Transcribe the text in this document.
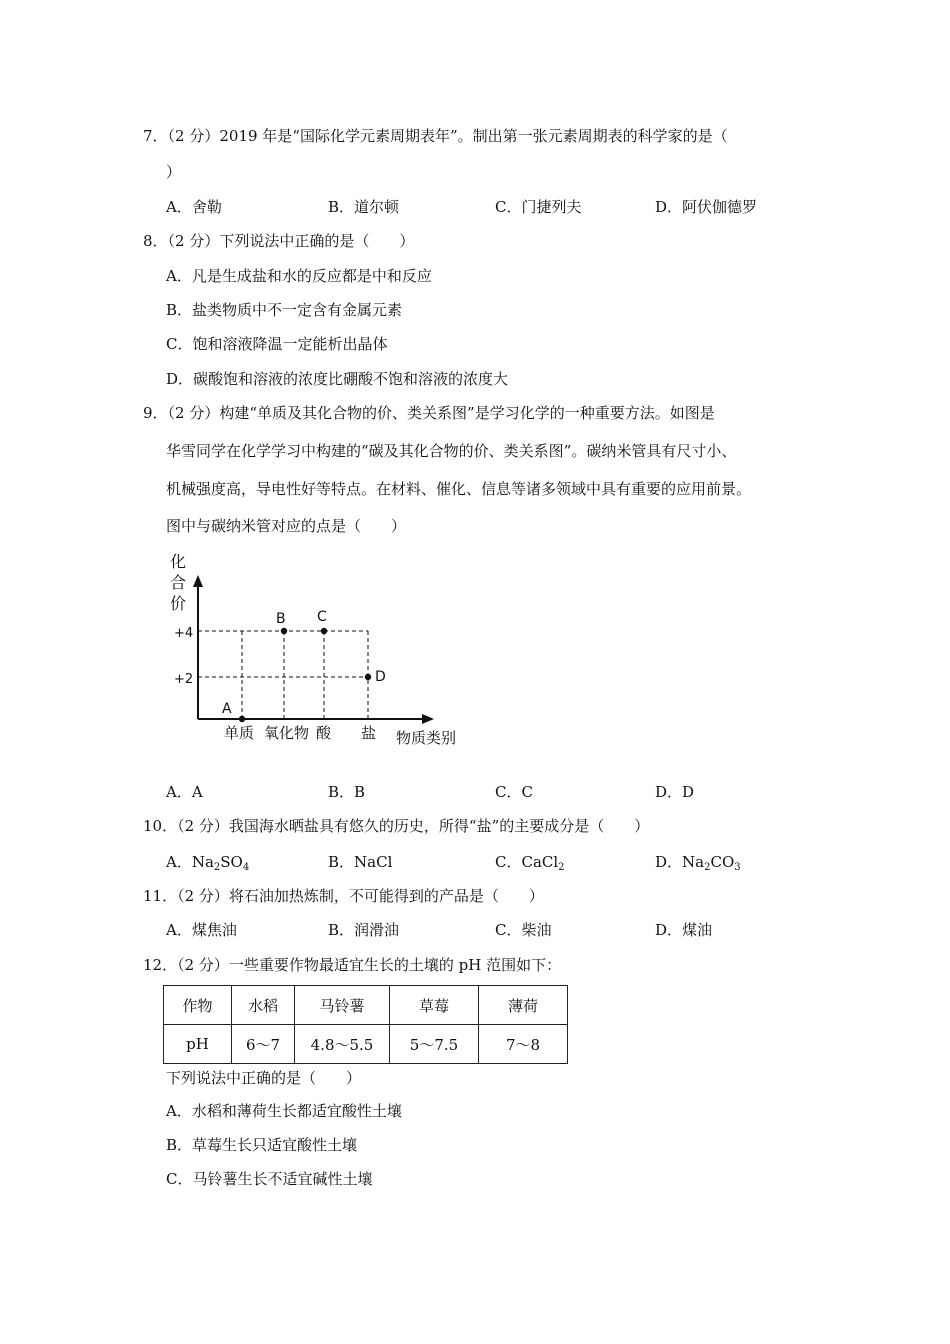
7．（2 分）2019 年是“国际化学元素周期表年”。制出第一张元素周期表的科学家的是（
）
A．舍勒	B．道尔顿	C．门捷列夫	D．阿伏伽德罗
8．（2 分）下列说法中正确的是（　　）
A．凡是生成盐和水的反应都是中和反应
B．盐类物质中不一定含有金属元素
C．饱和溶液降温一定能析出晶体
D．碳酸饱和溶液的浓度比硼酸不饱和溶液的浓度大
9．（2 分）构建“单质及其化合物的价、类关系图”是学习化学的一种重要方法。如图是
华雪同学在化学学习中构建的“碳及其化合物的价、类关系图”。碳纳米管具有尺寸小、
机械强度高，导电性好等特点。在材料、催化、信息等诸多领域中具有重要的应用前景。
图中与碳纳米管对应的点是（　　）
化
合
价
+4
+2
A
B C
D
单质 氧化物 酸 盐 物质类别
A．A	B．B	C．C	D．D
10．（2 分）我国海水晒盐具有悠久的历史，所得“盐”的主要成分是（　　）
A．$Na_2SO_4$	B．NaCl	C．CaCl$_2$	D．$Na_2CO_3$
11．（2 分）将石油加热炼制，不可能得到的产品是（　　）
A．煤焦油	B．润滑油	C．柴油	D．煤油
12．（2 分）一些重要作物最适宜生长的土壤的 pH 范围如下：
作物	水稻	马铃薯	草莓	薄荷
pH	6～7	4.8～5.5	5～7.5	7～8
下列说法中正确的是（　　）
A．水稻和薄荷生长都适宜酸性土壤
B．草莓生长只适宜酸性土壤
C．马铃薯生长不适宜碱性土壤
